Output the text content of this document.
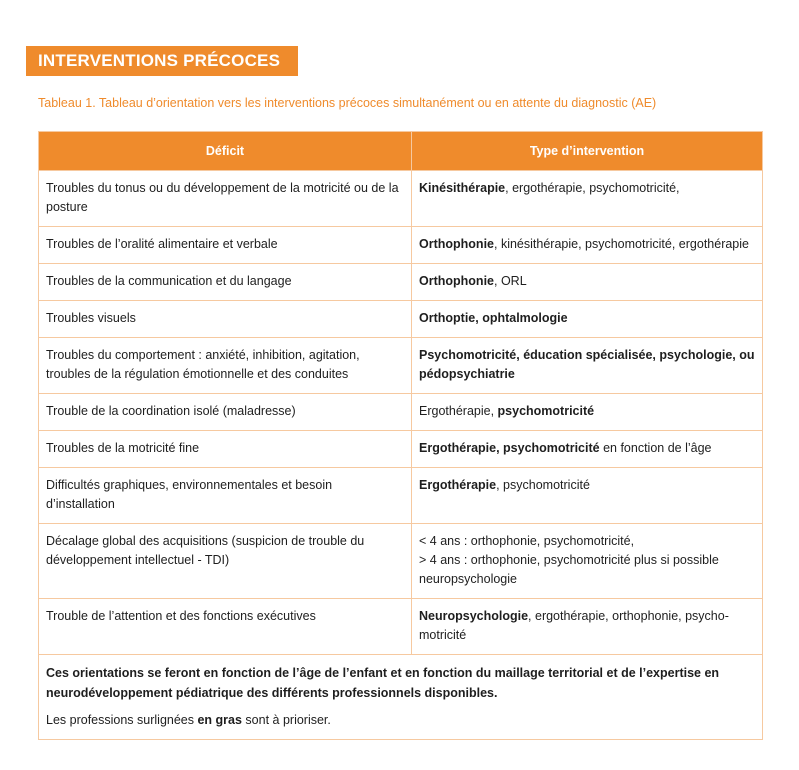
INTERVENTIONS PRÉCOCES
Tableau 1. Tableau d’orientation vers les interventions précoces simultanément ou en attente du diagnostic (AE)
Déficit	Type d’intervention
Troubles du tonus ou du développement de la motricité ou de la posture	Kinésithérapie, ergothérapie, psychomotricité,
Troubles de l’oralité alimentaire et verbale	Orthophonie, kinésithérapie, psychomotricité, ergothérapie
Troubles de la communication et du langage	Orthophonie, ORL
Troubles visuels	Orthoptie, ophtalmologie
Troubles du comportement : anxiété, inhibition, agitation, troubles de la régulation émotionnelle et des conduites	Psychomotricité, éducation spécialisée, psychologie, ou pédopsychiatrie
Trouble de la coordination isolé (maladresse)	Ergothérapie, psychomotricité
Troubles de la motricité fine	Ergothérapie, psychomotricité en fonction de l’âge
Difficultés graphiques, environnementales et besoin d’installation	Ergothérapie, psychomotricité
Décalage global des acquisitions (suspicion de trouble du développement intellectuel - TDI)	< 4 ans : orthophonie, psychomotricité,
> 4 ans : orthophonie, psychomotricité plus si possible neuropsychologie

Trouble de l’attention et des fonctions exécutives	Neuropsychologie, ergothérapie, orthophonie, psycho-motricité

Ces orientations se feront en fonction de l’âge de l’enfant et en fonction du maillage territorial et de l’expertise en neurodéveloppement pédiatrique des différents professionnels disponibles.

Les professions surlignées en gras sont à prioriser.	
